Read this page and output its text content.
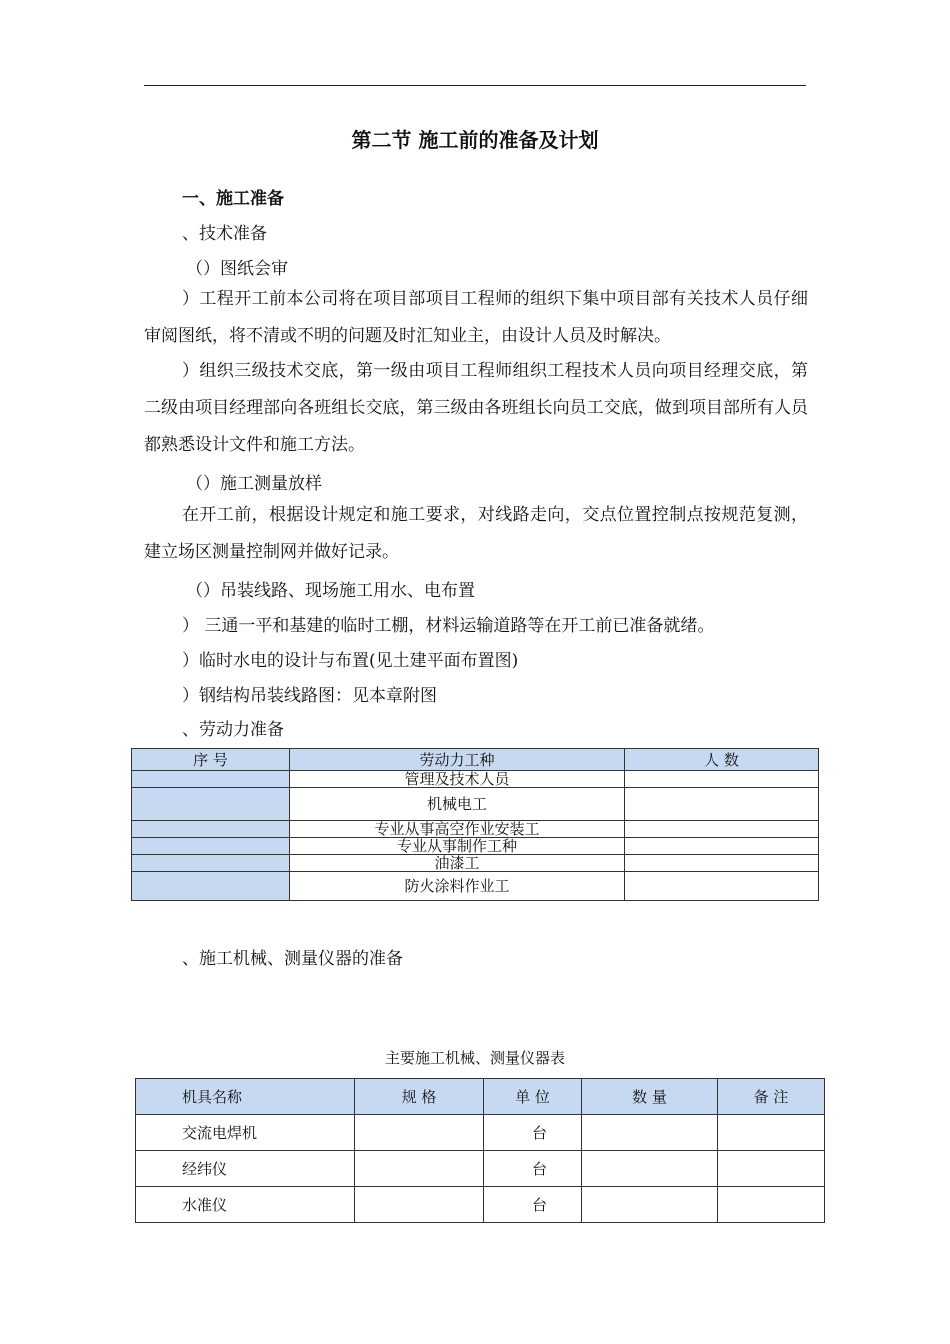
第二节 施工前的准备及计划
一、施工准备
、技术准备
（）图纸会审
）工程开工前本公司将在项目部项目工程师的组织下集中项目部有关技术人员仔细审阅图纸，将不清或不明的问题及时汇知业主，由设计人员及时解决。
）组织三级技术交底，第一级由项目工程师组织工程技术人员向项目经理交底，第二级由项目经理部向各班组长交底，第三级由各班组长向员工交底，做到项目部所有人员都熟悉设计文件和施工方法。
（）施工测量放样
在开工前，根据设计规定和施工要求，对线路走向，交点位置控制点按规范复测，建立场区测量控制网并做好记录。
（）吊装线路、现场施工用水、电布置
） 三通一平和基建的临时工棚，材料运输道路等在开工前已准备就绪。
）临时水电的设计与布置(见土建平面布置图)
）钢结构吊装线路图：见本章附图
、劳动力准备
序 号	劳动力工种	人 数
	管理及技术人员	
	机械电工	
	专业从事高空作业安装工	
	专业从事制作工种	
	油漆工	
	防火涂料作业工	
、施工机械、测量仪器的准备
主要施工机械、测量仪器表
机具名称	规 格	单 位	数 量	备 注
交流电焊机		台		
经纬仪		台		
水准仪		台		
